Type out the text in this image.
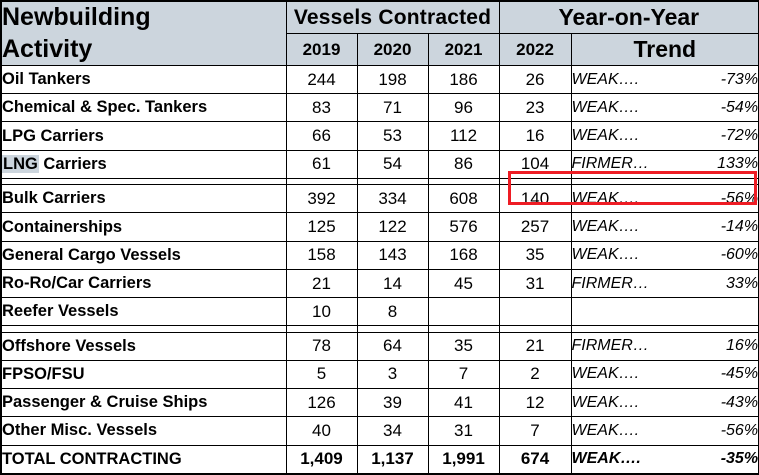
Newbuilding
Activity	Vessels Contracted			Year-on-Year	
	2019	2020	2021	2022	Trend
Oil Tankers	244	198	186	26	WEAK…. -73%

Chemical & Spec. Tankers	83	71	96	23	WEAK…. -54%

LPG Carriers	66	53	112	16	WEAK…. -72%

LNG Carriers	61	54	86	104	FIRMER… 133%

Bulk Carriers	392	334	608	140	WEAK…. -56%

Containerships	125	122	576	257	WEAK…. -14%

General Cargo Vessels	158	143	168	35	WEAK…. -60%

Ro-Ro/Car Carriers	21	14	45	31	FIRMER… 33%

Reefer Vessels	10	8			

Offshore Vessels	78	64	35	21	FIRMER… 16%

FPSO/FSU	5	3	7	2	WEAK…. -45%

Passenger & Cruise Ships	126	39	41	12	WEAK…. -43%

Other Misc. Vessels	40	34	31	7	WEAK…. -56%

TOTAL CONTRACTING	1,409	1,137	1,991	674	WEAK…. -35%
